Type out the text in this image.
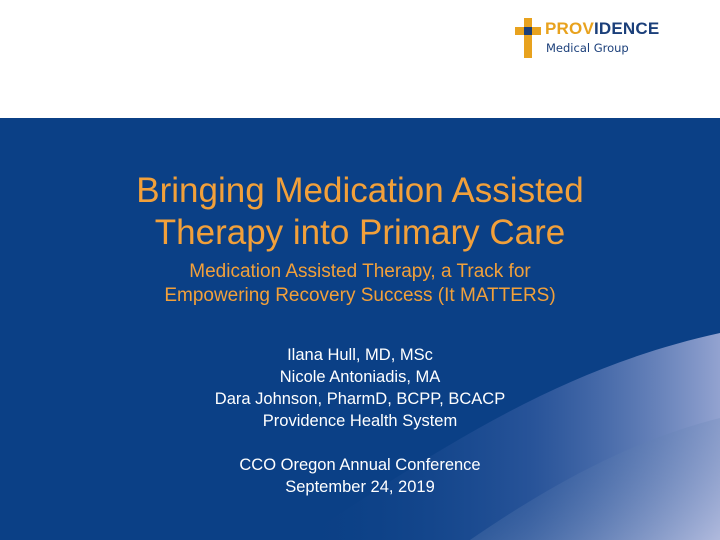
PROVIDENCE
Medical Group
Bringing Medication Assisted
Therapy into Primary Care
Medication Assisted Therapy, a Track for
Empowering Recovery Success (It MATTERS)
Ilana Hull, MD, MSc
Nicole Antoniadis, MA
Dara Johnson, PharmD, BCPP, BCACP
Providence Health System
CCO Oregon Annual Conference
September 24, 2019
